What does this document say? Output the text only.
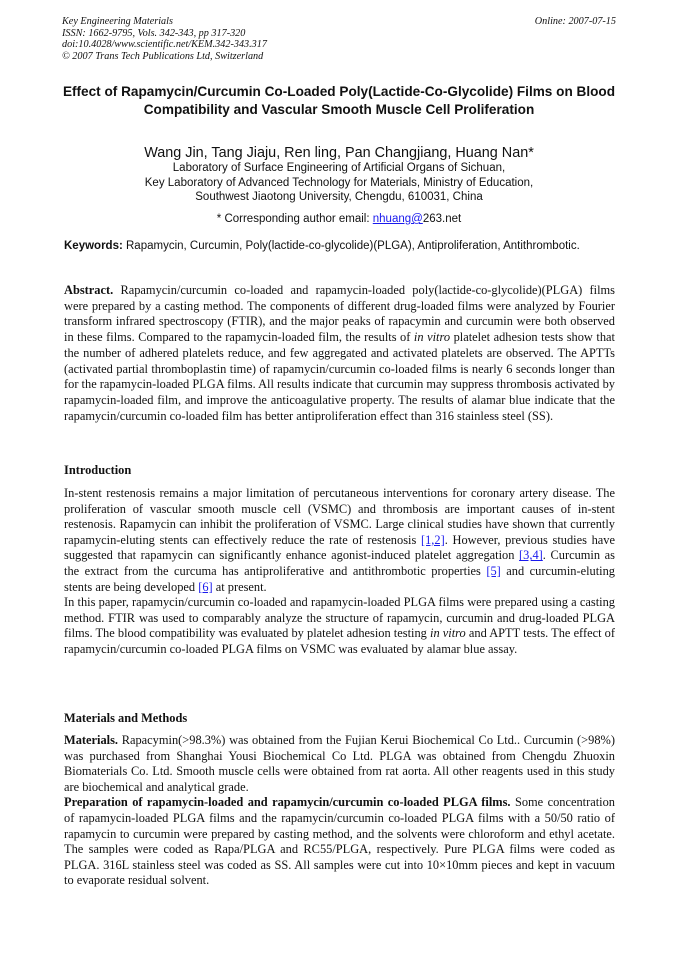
Key Engineering Materials
ISSN: 1662-9795, Vols. 342-343, pp 317-320
doi:10.4028/www.scientific.net/KEM.342-343.317
© 2007 Trans Tech Publications Ltd, Switzerland
Online: 2007-07-15
Effect of Rapamycin/Curcumin Co-Loaded Poly(Lactide-Co-Glycolide) Films on Blood Compatibility and Vascular Smooth Muscle Cell Proliferation
Wang Jin, Tang Jiaju, Ren ling, Pan Changjiang, Huang Nan*
Laboratory of Surface Engineering of Artificial Organs of Sichuan,
Key Laboratory of Advanced Technology for Materials, Ministry of Education,
Southwest Jiaotong University, Chengdu, 610031, China
* Corresponding author email: nhuang@263.net
Keywords: Rapamycin, Curcumin, Poly(lactide-co-glycolide)(PLGA), Antiproliferation, Antithrombotic.
Abstract. Rapamycin/curcumin co-loaded and rapamycin-loaded poly(lactide-co-glycolide)(PLGA) films were prepared by a casting method. The components of different drug-loaded films were analyzed by Fourier transform infrared spectroscopy (FTIR), and the major peaks of rapacymin and curcumin were both observed in these films. Compared to the rapamycin-loaded film, the results of in vitro platelet adhesion tests show that the number of adhered platelets reduce, and few aggregated and activated platelets are observed. The APTTs (activated partial thromboplastin time) of rapamycin/curcumin co-loaded films is nearly 6 seconds longer than for the rapamycin-loaded PLGA films. All results indicate that curcumin may suppress thrombosis activated by rapamycin-loaded film, and improve the anticoagulative property. The results of alamar blue indicate that the rapamycin/curcumin co-loaded film has better antiproliferation effect than 316 stainless steel (SS).
Introduction

In-stent restenosis remains a major limitation of percutaneous interventions for coronary artery disease. The proliferation of vascular smooth muscle cell (VSMC) and thrombosis are important causes of in-stent restenosis. Rapamycin can inhibit the proliferation of VSMC. Large clinical studies have shown that currently rapamycin-eluting stents can effectively reduce the rate of restenosis [1,2]. However, previous studies have suggested that rapamycin can significantly enhance agonist-induced platelet aggregation [3,4]. Curcumin as the extract from the curcuma has antiproliferative and antithrombotic properties [5] and curcumin-eluting stents are being developed [6] at present.

In this paper, rapamycin/curcumin co-loaded and rapamycin-loaded PLGA films were prepared using a casting method. FTIR was used to comparably analyze the structure of rapamycin, curcumin and drug-loaded PLGA films. The blood compatibility was evaluated by platelet adhesion testing in vitro and APTT tests. The effect of rapamycin/curcumin co-loaded PLGA films on VSMC was evaluated by alamar blue assay.

Materials and Methods

Materials. Rapacymin(>98.3%) was obtained from the Fujian Kerui Biochemical Co Ltd.. Curcumin (>98%) was purchased from Shanghai Yousi Biochemical Co Ltd. PLGA was obtained from Chengdu Zhuoxin Biomaterials Co. Ltd. Smooth muscle cells were obtained from rat aorta. All other reagents used in this study are biochemical and analytical grade.

Preparation of rapamycin-loaded and rapamycin/curcumin co-loaded PLGA films. Some concentration of rapamycin-loaded PLGA films and the rapamycin/curcumin co-loaded PLGA films with a 50/50 ratio of rapamycin to curcumin were prepared by casting method, and the solvents were chloroform and ethyl acetate. The samples were coded as Rapa/PLGA and RC55/PLGA, respectively. Pure PLGA films were coded as PLGA. 316L stainless steel was coded as SS. All samples were cut into 10×10mm pieces and kept in vacuum to evaporate residual solvent.
